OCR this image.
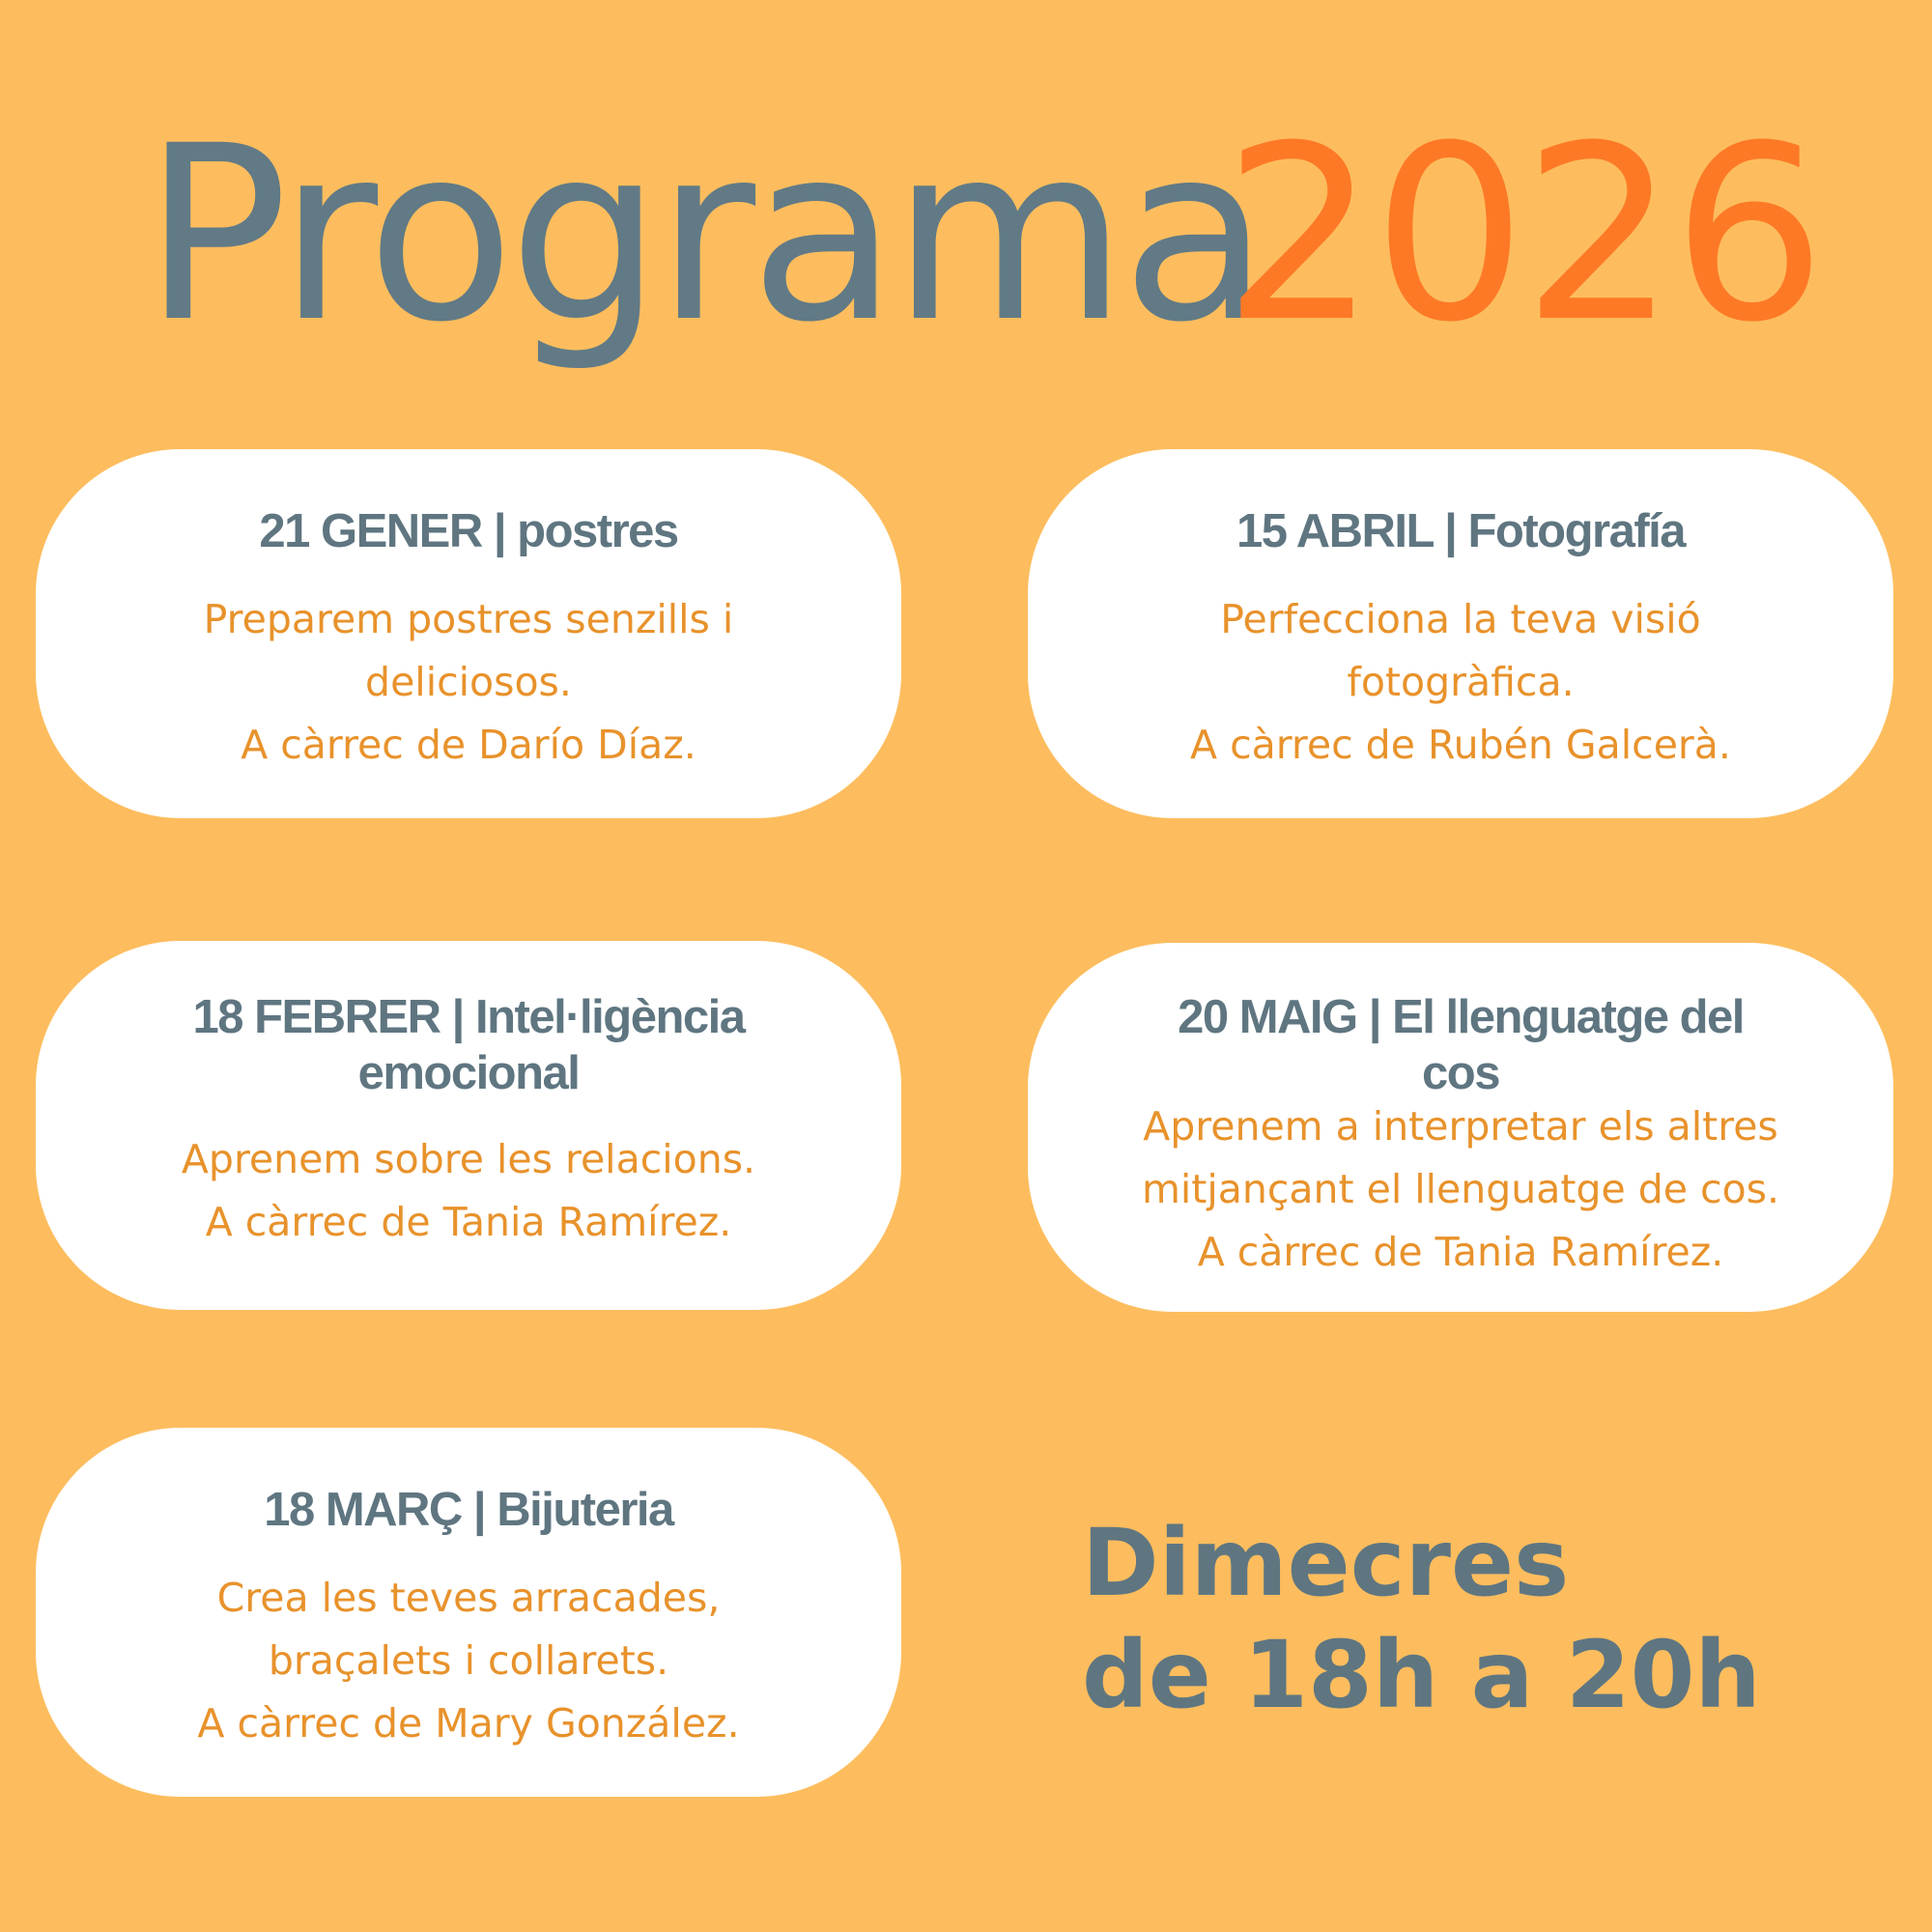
Programa
2026
21 GENER | postres
Preparem postres senzills i
deliciosos.
A càrrec de Darío Díaz.
15 ABRIL | Fotografía
Perfecciona la teva visió
fotogràfica.
A càrrec de Rubén Galcerà.
18 FEBRER | Intel·ligència emocional
Aprenem sobre les relacions.
A càrrec de Tania Ramírez.
20 MAIG | El llenguatge del cos
Aprenem a interpretar els altres
mitjançant el llenguatge de cos.
A càrrec de Tania Ramírez.
18 MARÇ | Bijuteria
Crea les teves arracades,
braçalets i collarets.
A càrrec de Mary González.
Dimecres
de 18h a 20h
